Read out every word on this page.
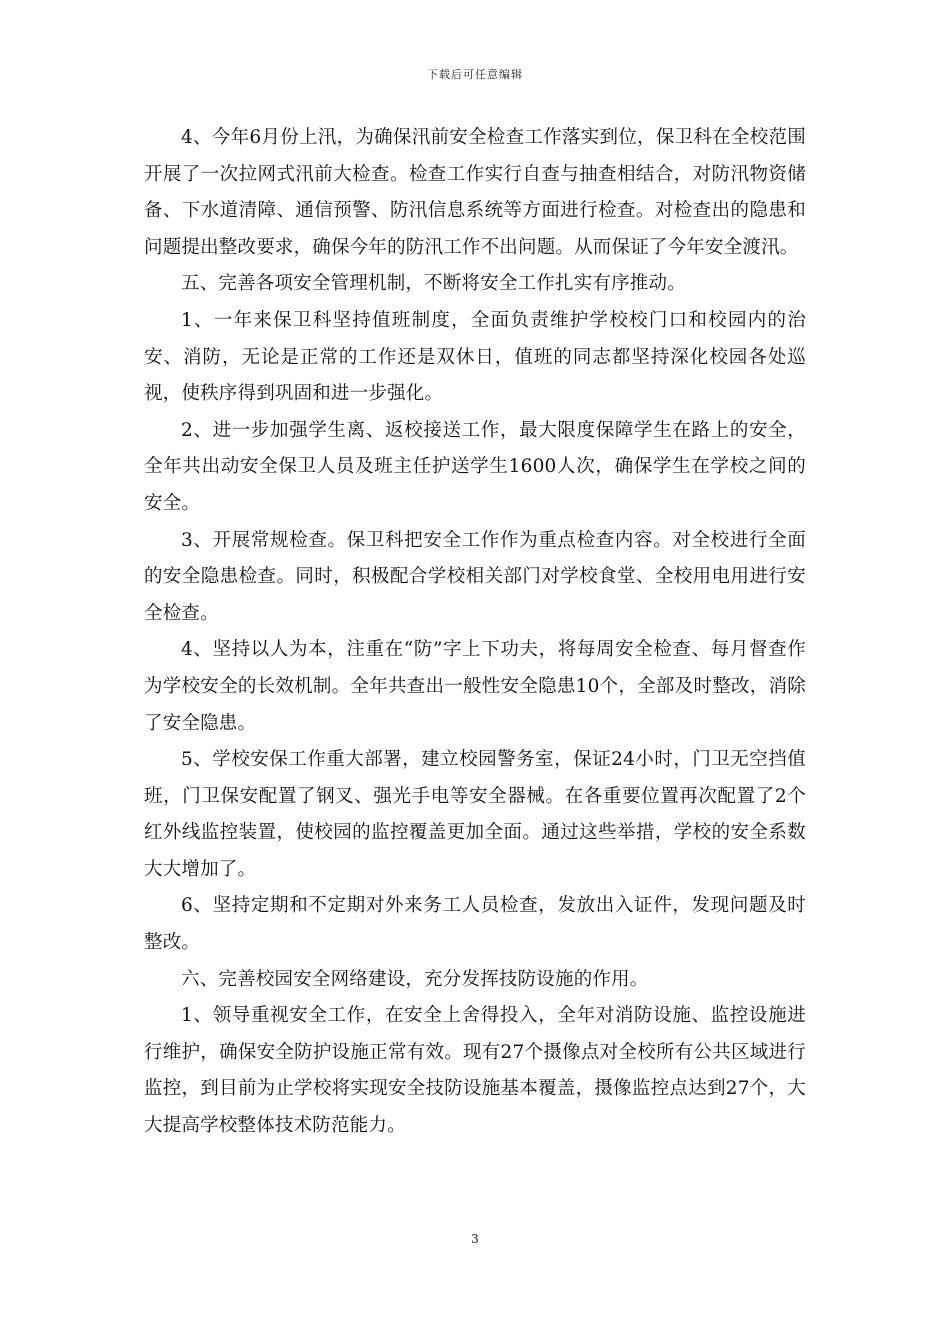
下载后可任意编辑

4、今年6月份上汛，为确保汛前安全检查工作落实到位，保卫科在全校范围开展了一次拉网式汛前大检查。检查工作实行自查与抽查相结合，对防汛物资储备、下水道清障、通信预警、防汛信息系统等方面进行检查。对检查出的隐患和问题提出整改要求，确保今年的防汛工作不出问题。从而保证了今年安全渡汛。

五、完善各项安全管理机制，不断将安全工作扎实有序推动。

1、一年来保卫科坚持值班制度，全面负责维护学校校门口和校园内的治安、消防，无论是正常的工作还是双休日，值班的同志都坚持深化校园各处巡视，使秩序得到巩固和进一步强化。

2、进一步加强学生离、返校接送工作，最大限度保障学生在路上的安全，全年共出动安全保卫人员及班主任护送学生1600人次，确保学生在学校之间的安全。

3、开展常规检查。保卫科把安全工作作为重点检查内容。对全校进行全面的安全隐患检查。同时，积极配合学校相关部门对学校食堂、全校用电用进行安全检查。

4、坚持以人为本，注重在“防”字上下功夫，将每周安全检查、每月督查作为学校安全的长效机制。全年共查出一般性安全隐患10个，全部及时整改，消除了安全隐患。

5、学校安保工作重大部署，建立校园警务室，保证24小时，门卫无空挡值班，门卫保安配置了钢叉、强光手电等安全器械。在各重要位置再次配置了2个红外线监控装置，使校园的监控覆盖更加全面。通过这些举措，学校的安全系数大大增加了。

6、坚持定期和不定期对外来务工人员检查，发放出入证件，发现问题及时整改。

六、完善校园安全网络建设，充分发挥技防设施的作用。

1、领导重视安全工作，在安全上舍得投入，全年对消防设施、监控设施进行维护，确保安全防护设施正常有效。现有27个摄像点对全校所有公共区域进行监控，到目前为止学校将实现安全技防设施基本覆盖，摄像监控点达到27个，大大提高学校整体技术防范能力。

3
